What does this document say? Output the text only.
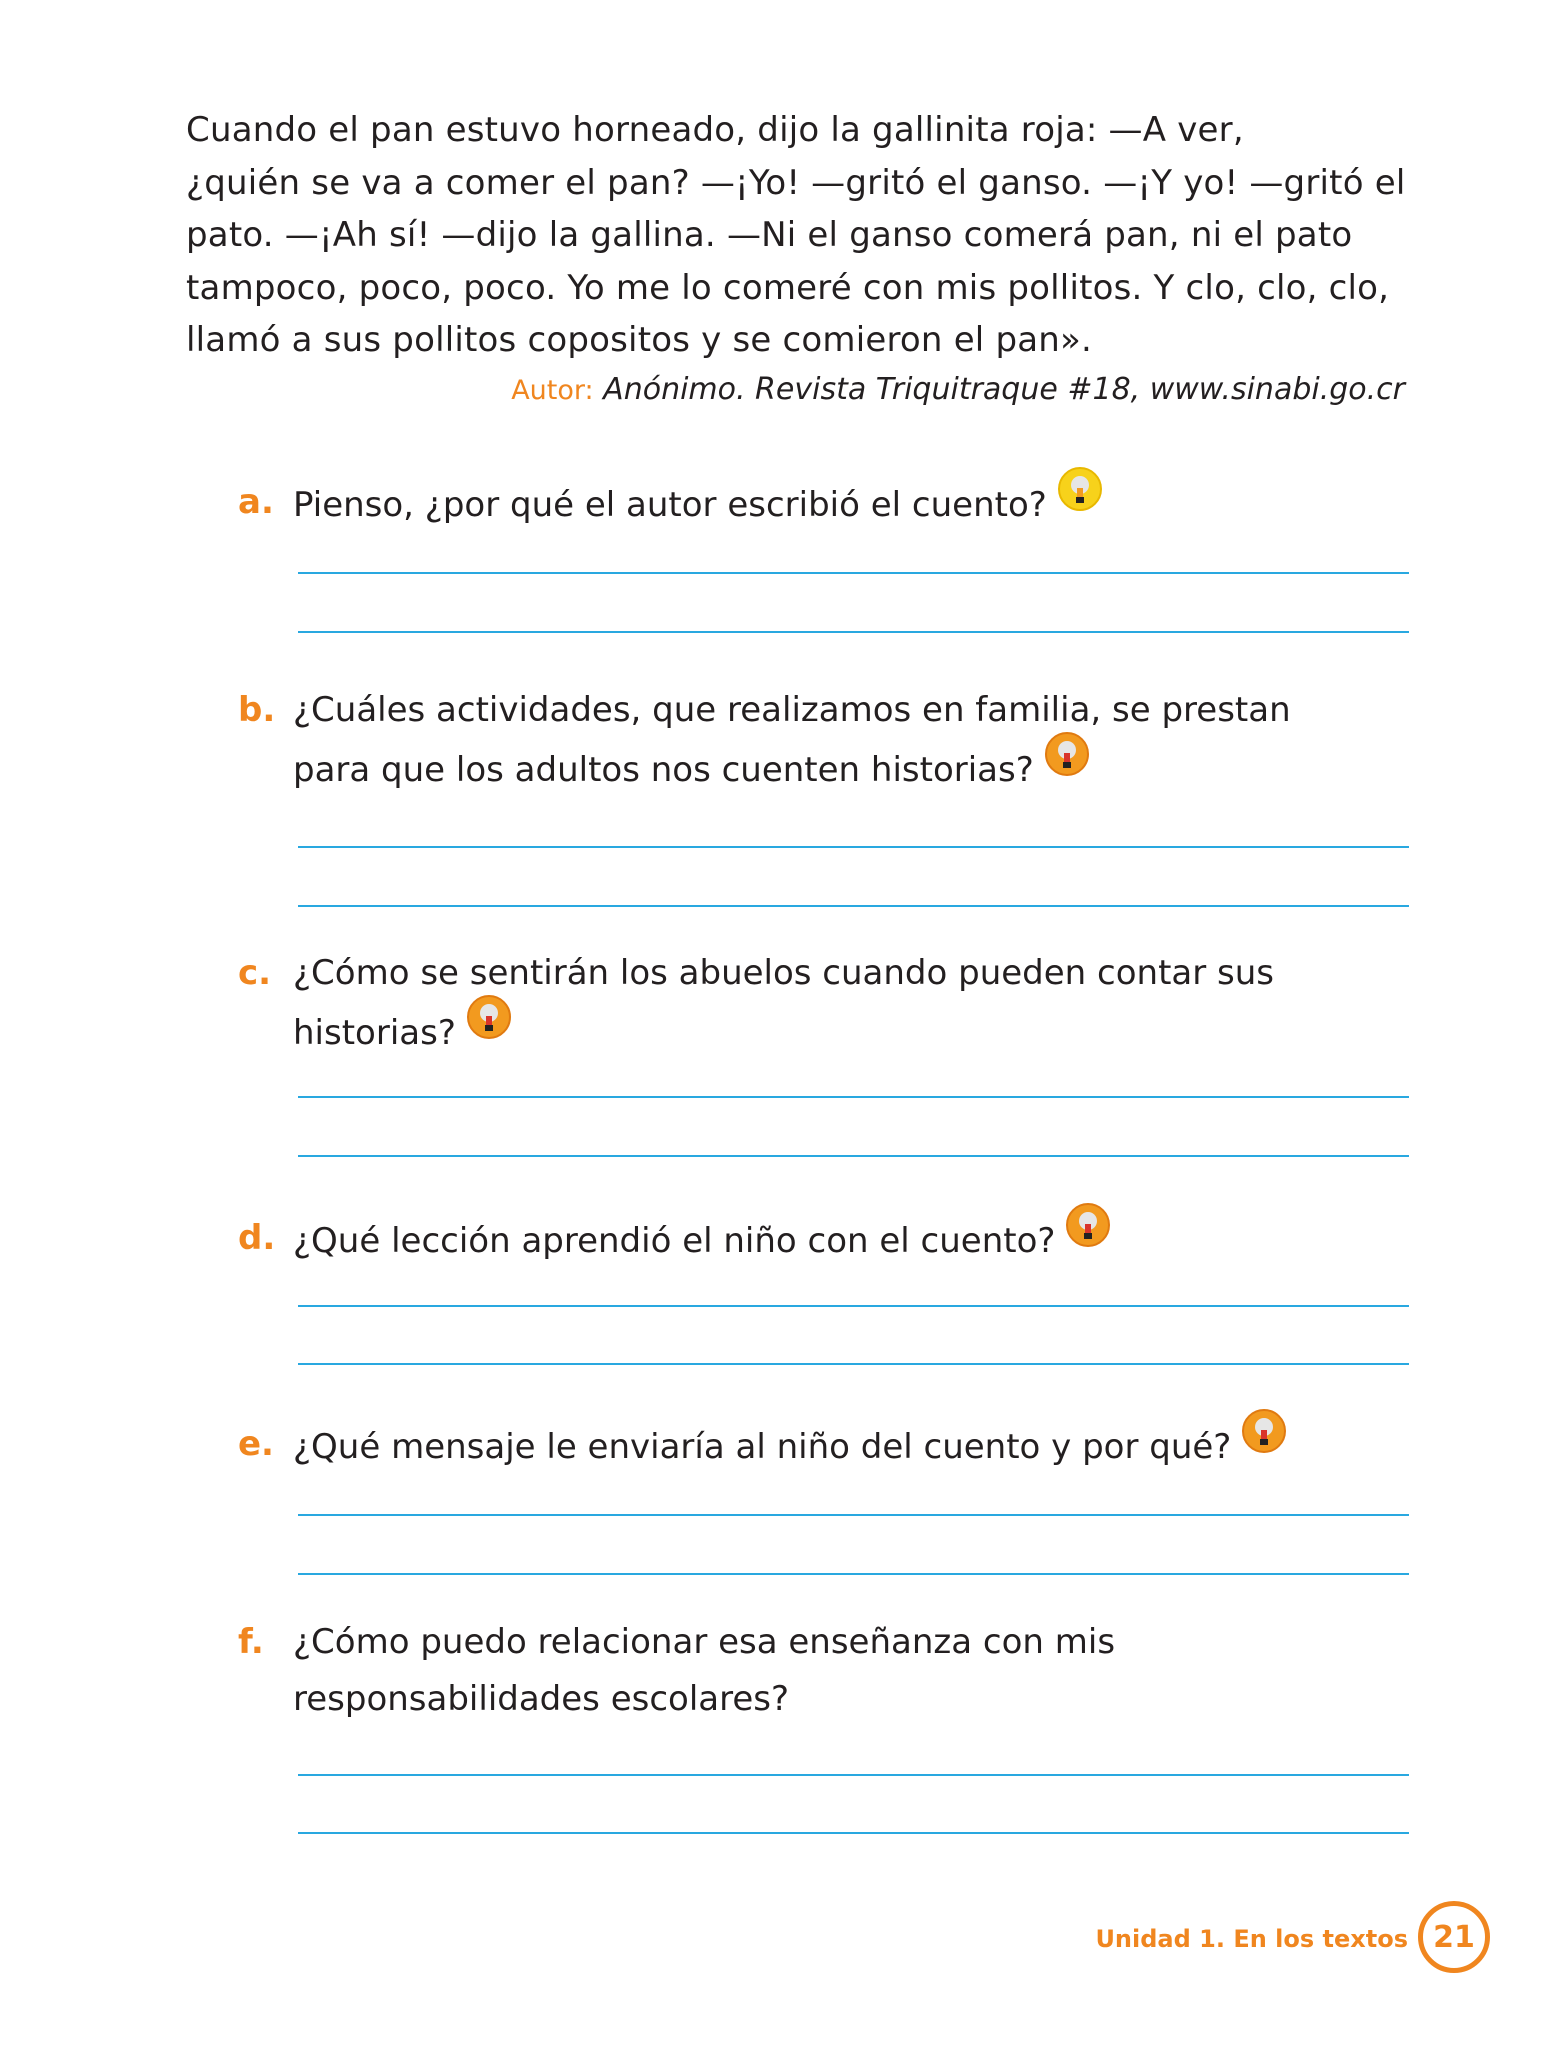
Cuando el pan estuvo horneado, dijo la gallinita roja: —A ver,
¿quién se va a comer el pan? —¡Yo! —gritó el ganso. —¡Y yo! —gritó el
pato. —¡Ah sí! —dijo la gallina. —Ni el ganso comerá pan, ni el pato
tampoco, poco, poco. Yo me lo comeré con mis pollitos. Y clo, clo, clo,
llamó a sus pollitos copositos y se comieron el pan».
Autor: Anónimo. Revista Triquitraque #18, www.sinabi.go.cr
a. Pienso, ¿por qué el autor escribió el cuento?
b. ¿Cuáles actividades, que realizamos en familia, se prestan
para que los adultos nos cuenten historias?
c. ¿Cómo se sentirán los abuelos cuando pueden contar sus
historias?
d. ¿Qué lección aprendió el niño con el cuento?
e. ¿Qué mensaje le enviaría al niño del cuento y por qué?
f. ¿Cómo puedo relacionar esa enseñanza con mis
responsabilidades escolares?
Unidad 1. En los textos 21
